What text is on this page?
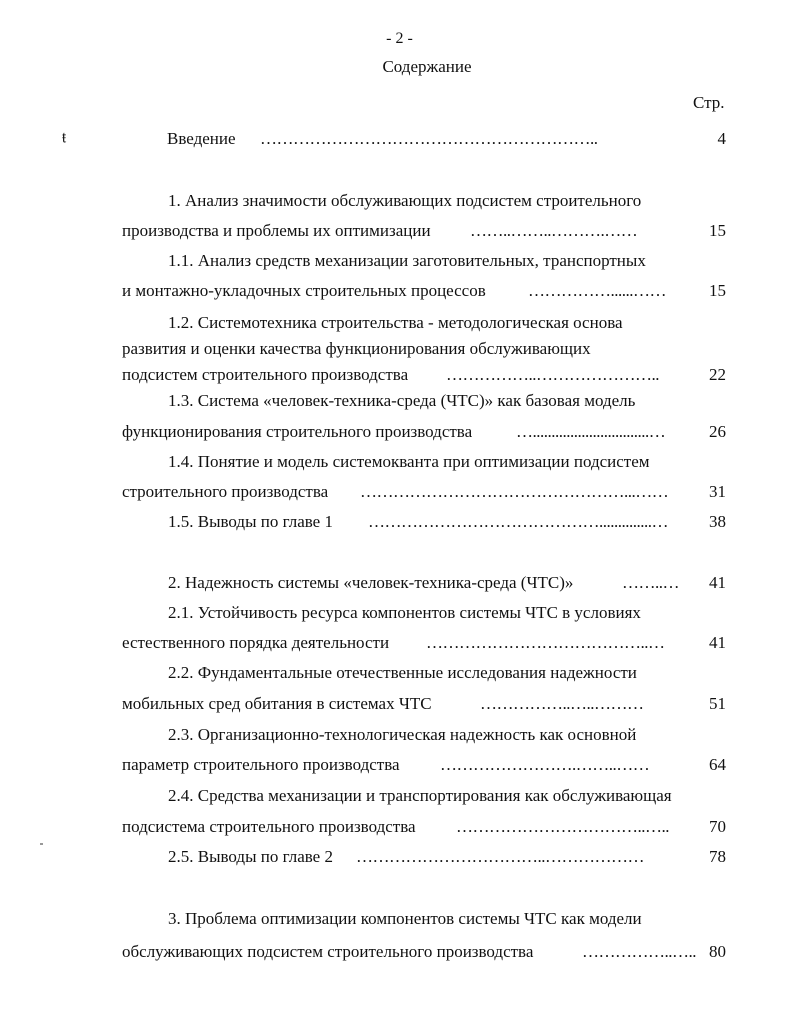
- 2 -
Содержание
Стр.
ŧ	Введение ……………………………………………………..	4
1. Анализ значимости обслуживающих подсистем строительного
производства и проблемы их оптимизации ……..……..……….……	15
1.1. Анализ средств механизации заготовительных, транспортных
и монтажно-укладочных строительных процессов ……………......……	15
1.2. Системотехника строительства - методологическая основа
развития и оценки качества функционирования обслуживающих
подсистем строительного производства ……………..…………………..	22
1.3. Система «человек-техника-среда (ЧТС)» как базовая модель
функционирования строительного производства	…...............................…	26
1.4. Понятие и модель системокванта при оптимизации подсистем
строительного производства …………………………………………...……	31
1.5. Выводы по главе 1 ……………………………………..............…	38
2. Надежность системы «человек-техника-среда (ЧТС)»	……..…	41
2.1. Устойчивость ресурса компонентов системы ЧТС в условиях
естественного порядка деятельности …………………………………..…	41
2.2. Фундаментальные отечественные исследования надежности
мобильных сред обитания в системах ЧТС	……………..…..………	51
2.3. Организационно-технологическая надежность как основной
параметр строительного производства …………………….……..……	64
2.4. Средства механизации и транспортирования как обслуживающая
подсистема строительного производства ……………………………..…..	70
2.5. Выводы по главе 2 ……………………………..………………	78
3. Проблема оптимизации компонентов системы ЧТС как модели
обслуживающих подсистем строительного производства	……………..….. 80
